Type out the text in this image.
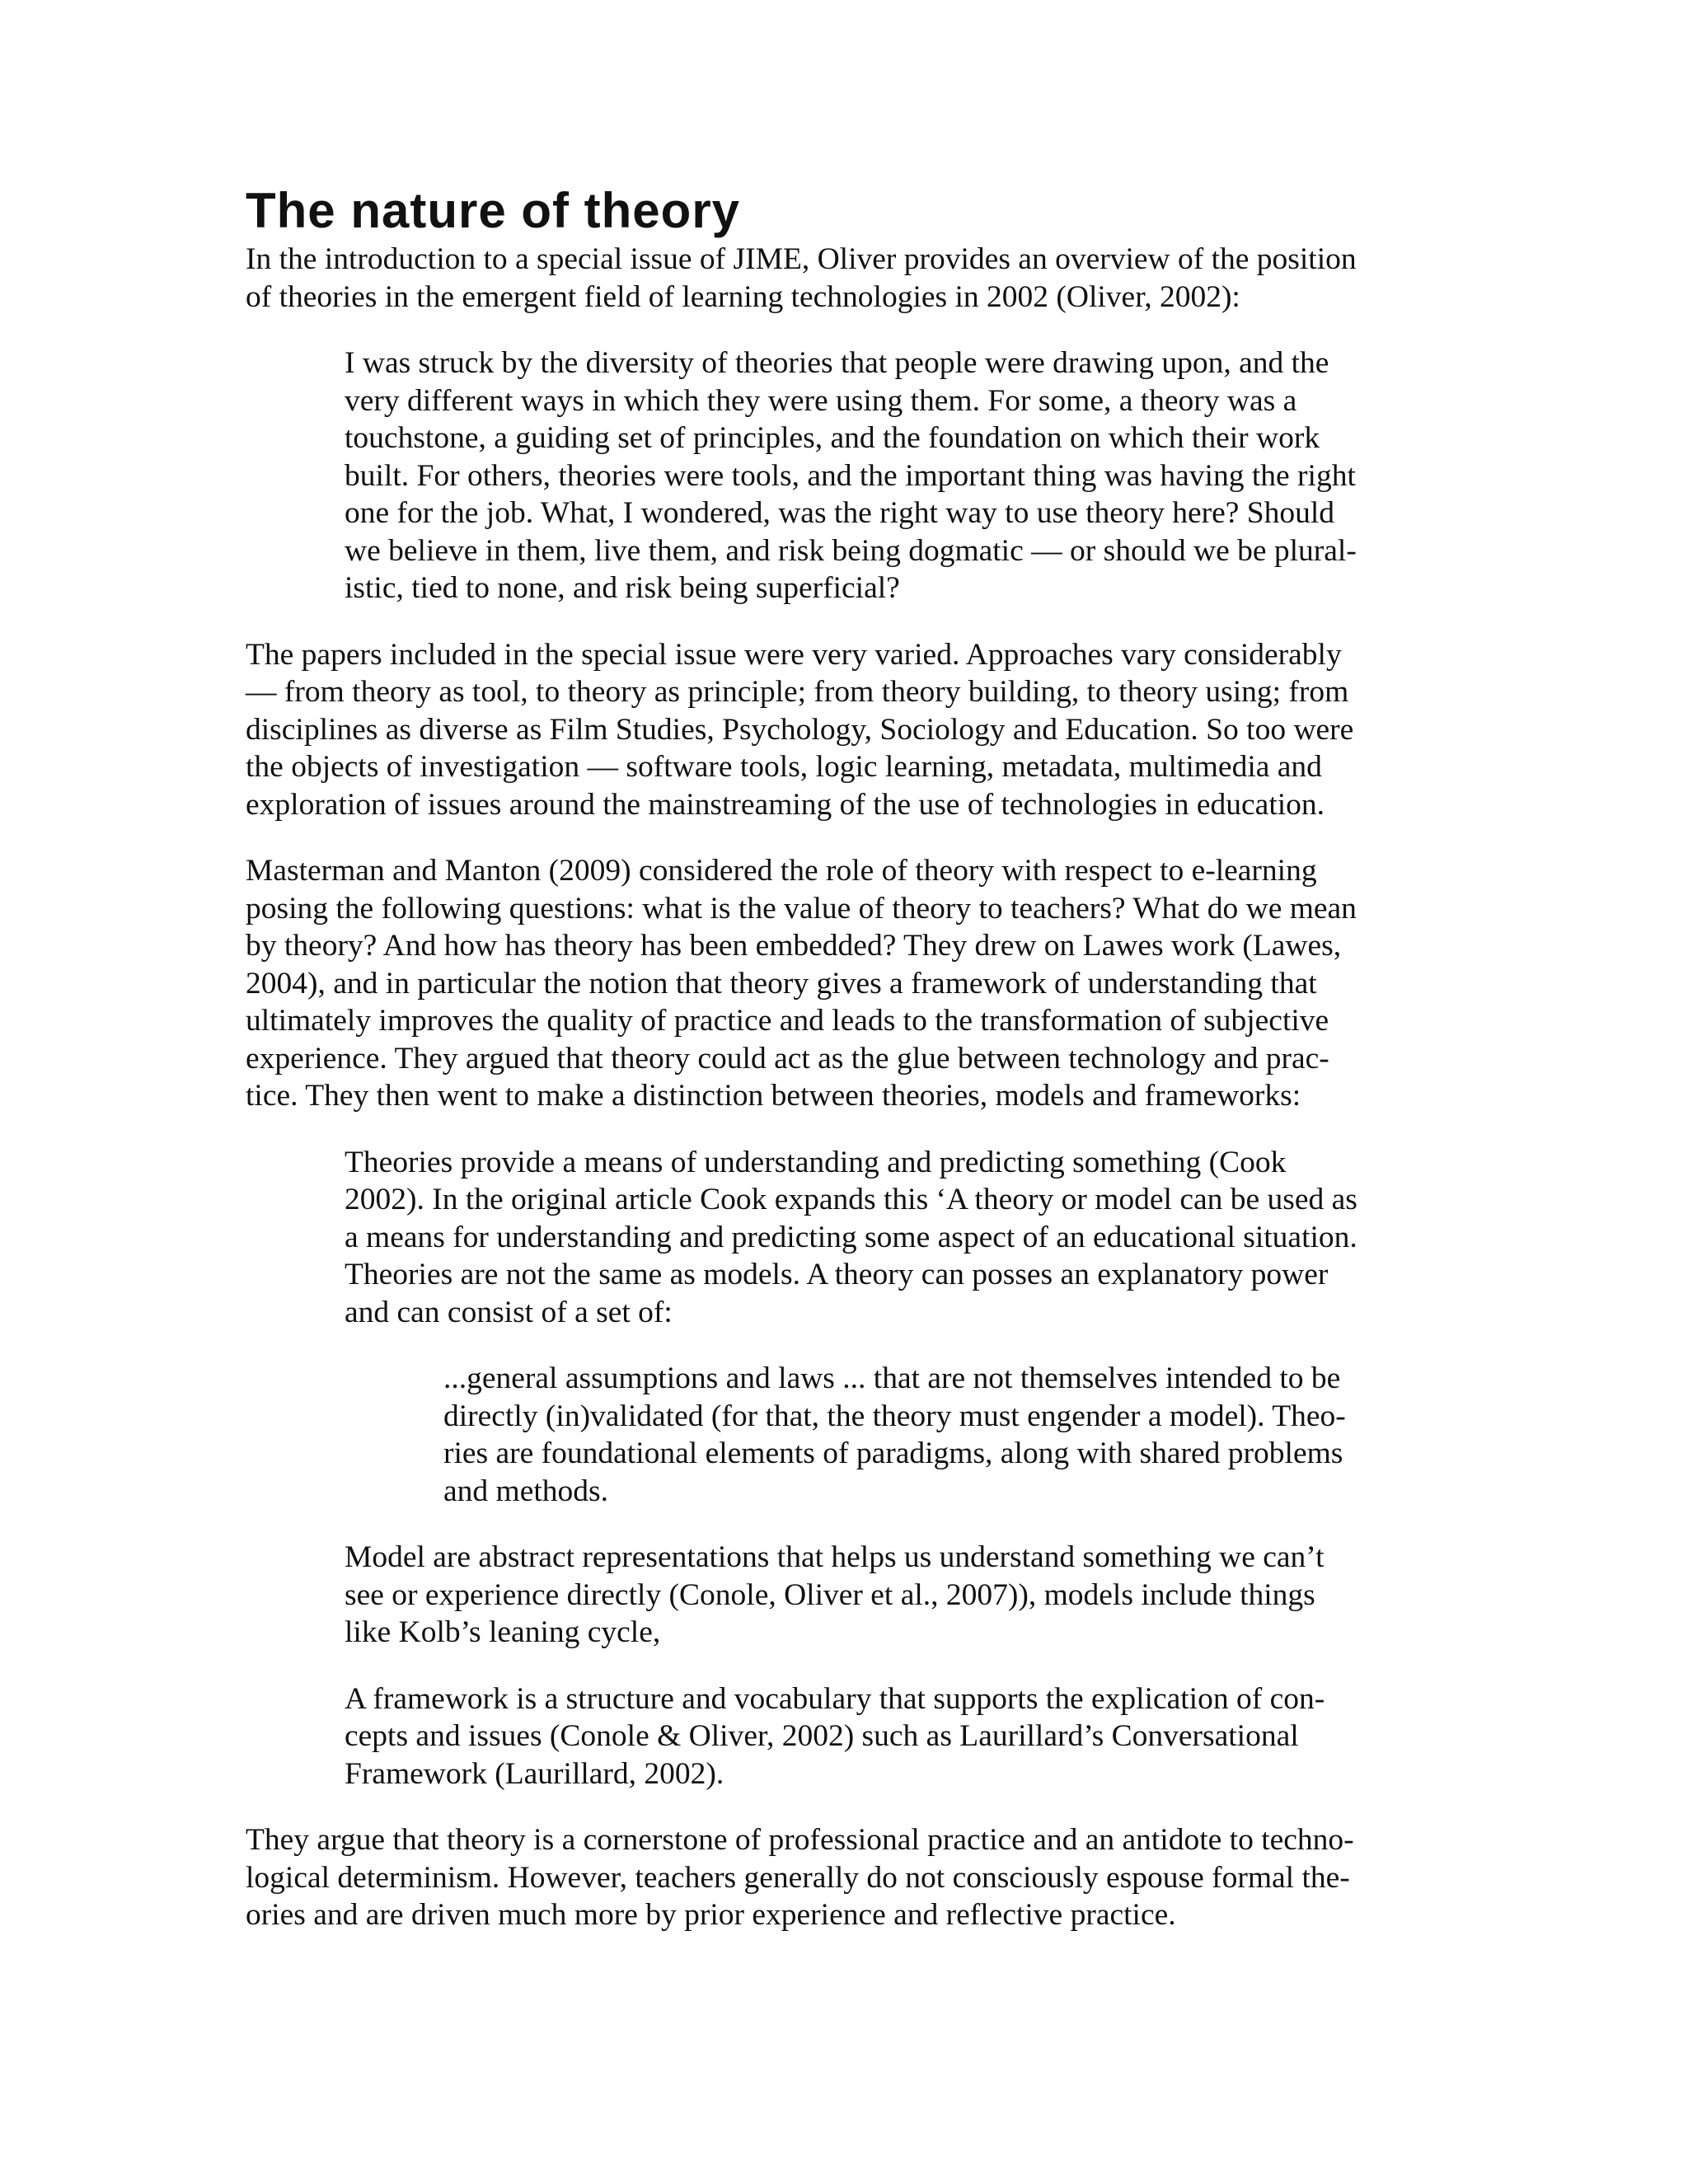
The nature of theory

In the introduction to a special issue of JIME, Oliver provides an overview of the position
of theories in the emergent field of learning technologies in 2002 (Oliver, 2002):

I was struck by the diversity of theories that people were drawing upon, and the
very different ways in which they were using them. For some, a theory was a
touchstone, a guiding set of principles, and the foundation on which their work
built. For others, theories were tools, and the important thing was having the right
one for the job. What, I wondered, was the right way to use theory here? Should
we believe in them, live them, and risk being dogmatic — or should we be plural-
istic, tied to none, and risk being superficial?

The papers included in the special issue were very varied. Approaches vary considerably
— from theory as tool, to theory as principle; from theory building, to theory using; from
disciplines as diverse as Film Studies, Psychology, Sociology and Education. So too were
the objects of investigation — software tools, logic learning, metadata, multimedia and
exploration of issues around the mainstreaming of the use of technologies in education.

Masterman and Manton (2009) considered the role of theory with respect to e-learning
posing the following questions: what is the value of theory to teachers? What do we mean
by theory? And how has theory has been embedded? They drew on Lawes work (Lawes,
2004), and in particular the notion that theory gives a framework of understanding that
ultimately improves the quality of practice and leads to the transformation of subjective
experience. They argued that theory could act as the glue between technology and prac-
tice. They then went to make a distinction between theories, models and frameworks:

Theories provide a means of understanding and predicting something (Cook
2002). In the original article Cook expands this ‘A theory or model can be used as
a means for understanding and predicting some aspect of an educational situation.
Theories are not the same as models. A theory can posses an explanatory power
and can consist of a set of:

...general assumptions and laws ... that are not themselves intended to be
directly (in)validated (for that, the theory must engender a model). Theo-
ries are foundational elements of paradigms, along with shared problems
and methods.

Model are abstract representations that helps us understand something we can’t
see or experience directly (Conole, Oliver et al., 2007)), models include things
like Kolb’s leaning cycle,

A framework is a structure and vocabulary that supports the explication of con-
cepts and issues (Conole & Oliver, 2002) such as Laurillard’s Conversational
Framework (Laurillard, 2002).

They argue that theory is a cornerstone of professional practice and an antidote to techno-
logical determinism. However, teachers generally do not consciously espouse formal the-
ories and are driven much more by prior experience and reflective practice.
